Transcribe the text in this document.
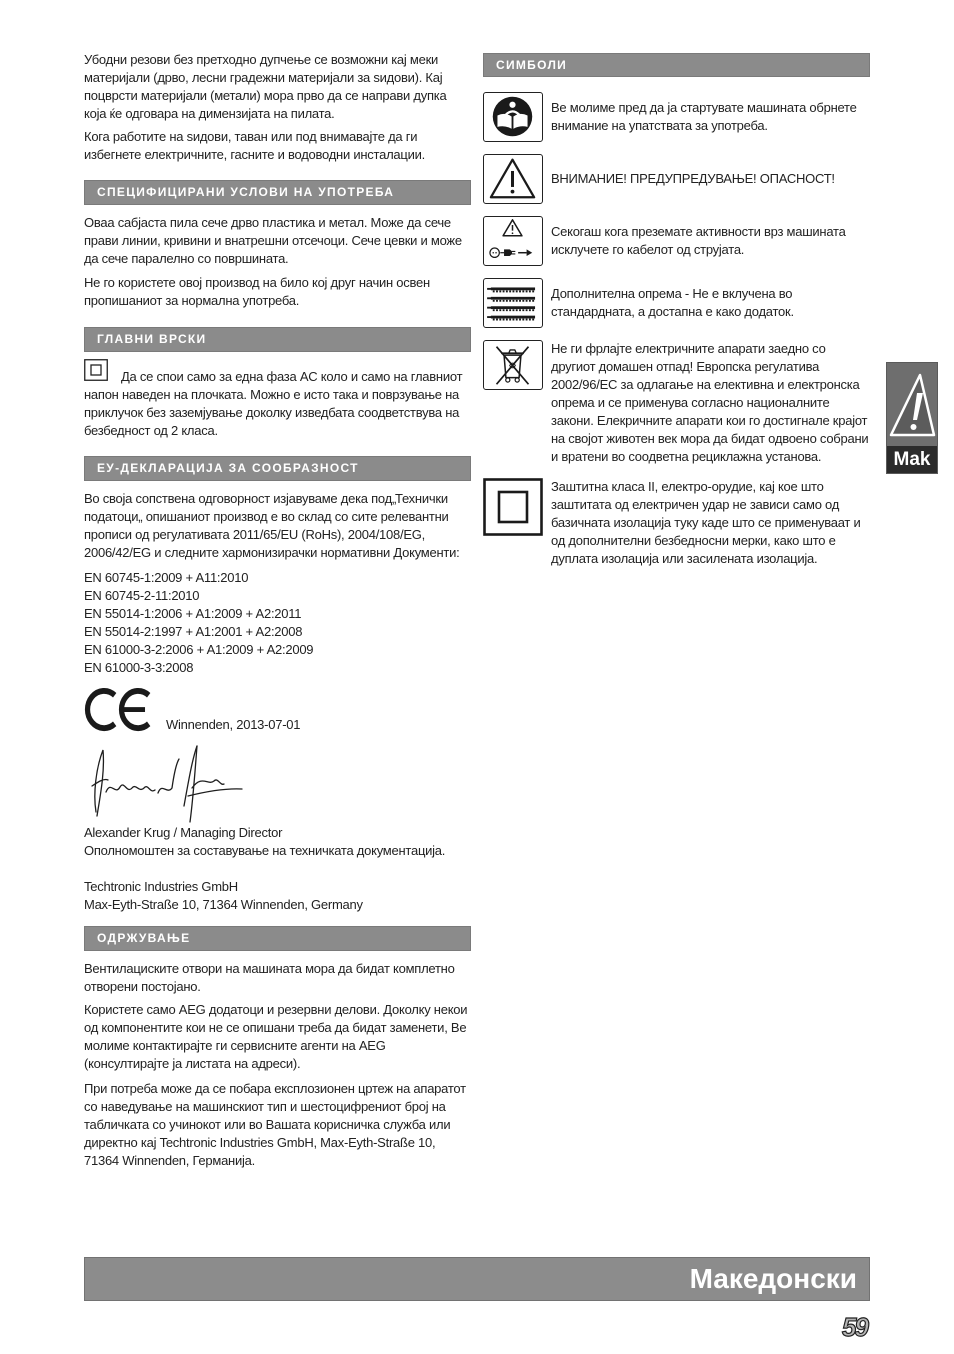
Убодни резови без претходно дупчење се возможни кај меки материјали (дрво, лесни градежни материјали за ѕидови). Кај поцврсти материјали (метали) мора прво да се направи дупка која ќе одговара на димензијата на пилата.

Кога работите на ѕидови, таван или под внимавајте да ги избегнете електричните, гасните и водоводни инсталации.

СПЕЦИФИЦИРАНИ УСЛОВИ НА УПОТРЕБА

Оваа сабјаста пила сече дрво пластика и метал. Може да сече прави линии, кривини и внатрешни отсечоци. Сече цевки и може да сече паралелно со површината.

Не го користете овој производ на било кој друг начин освен пропишаниот за нормална употреба.

ГЛАВНИ ВРСКИ

Да се спои само за една фаза AC коло и само на главниот напон наведен на плочката. Можно е исто така и поврзување на приклучок без заземјување доколку изведбата соодветствува на безбедност од 2 класа.

ЕУ-ДЕКЛАРАЦИЈА ЗА СООБРАЗНОСТ

Во своја сопствена одговорност изјавуваме дека под„Технички податоци„ опишаниот производ е во склад со сите релевантни прописи од регулативата 2011/65/EU (RoHs), 2004/108/EG, 2006/42/EG и следните хармонизирачки нормативни Документи:

EN 60745-1:2009 + A11:2010
EN 60745-2-11:2010
EN 55014-1:2006 + A1:2009 + A2:2011
EN 55014-2:1997 + A1:2001 + A2:2008
EN 61000-3-2:2006 + A1:2009 + A2:2009
EN 61000-3-3:2008
Winnenden, 2013-07-01
Alexander Krug / Managing Director
Ополномоштен за составување на техничката документација.
Techtronic Industries GmbH
Max-Eyth-Straße 10, 71364 Winnenden, Germany
ОДРЖУВАЊЕ

Вентилациските отвори на машината мора да бидат комплетно отворени постојано.

Користете само AEG додатоци и резервни делови. Доколку некои од компонентите кои не се опишани треба да бидат заменети, Ве молиме контактирајте ги сервисните агенти на AEG (консултирајте ја листата на адреси).

При потреба може да се побара експлозионен цртеж на апаратот со наведување на машинскиот тип и шестоцифрениот број на табличката со учинокот или во Вашата корисничка служба или директно кај Techtronic Industries GmbH, Max-Eyth-Straße 10, 71364 Winnenden, Германија.

СИМБОЛИ
Ве молиме пред да ја стартувате машината обрнете внимание на упатствата за употреба.
ВНИМАНИЕ! ПРЕДУПРЕДУВАЊЕ! ОПАСНОСТ!
Секогаш кога преземате активности врз машината исклучете го кабелот од струјата.
Дополнителна опрема - Не е вклучена во стандардната, а достапна е како додаток.
Не ги фрлајте електричните апарати заедно со другиот домашен отпад! Европска регулатива 2002/96/EC за одлагање на елективна и електронска опрема и се применува согласно националните закони. Елекричните апарати кои го достигнале крајот на својот животен век мора да бидат одвоено собрани и вратени во соодветна рециклажна установа.
Заштитна класа II, електро-орудие, кај кое што заштитата од електричен удар не зависи само од базичната изолација туку каде што се применуваат и од дополнителни безбедносни мерки, како што е дуплата изолација или засилената изолација.
Mak
Македонски
59
